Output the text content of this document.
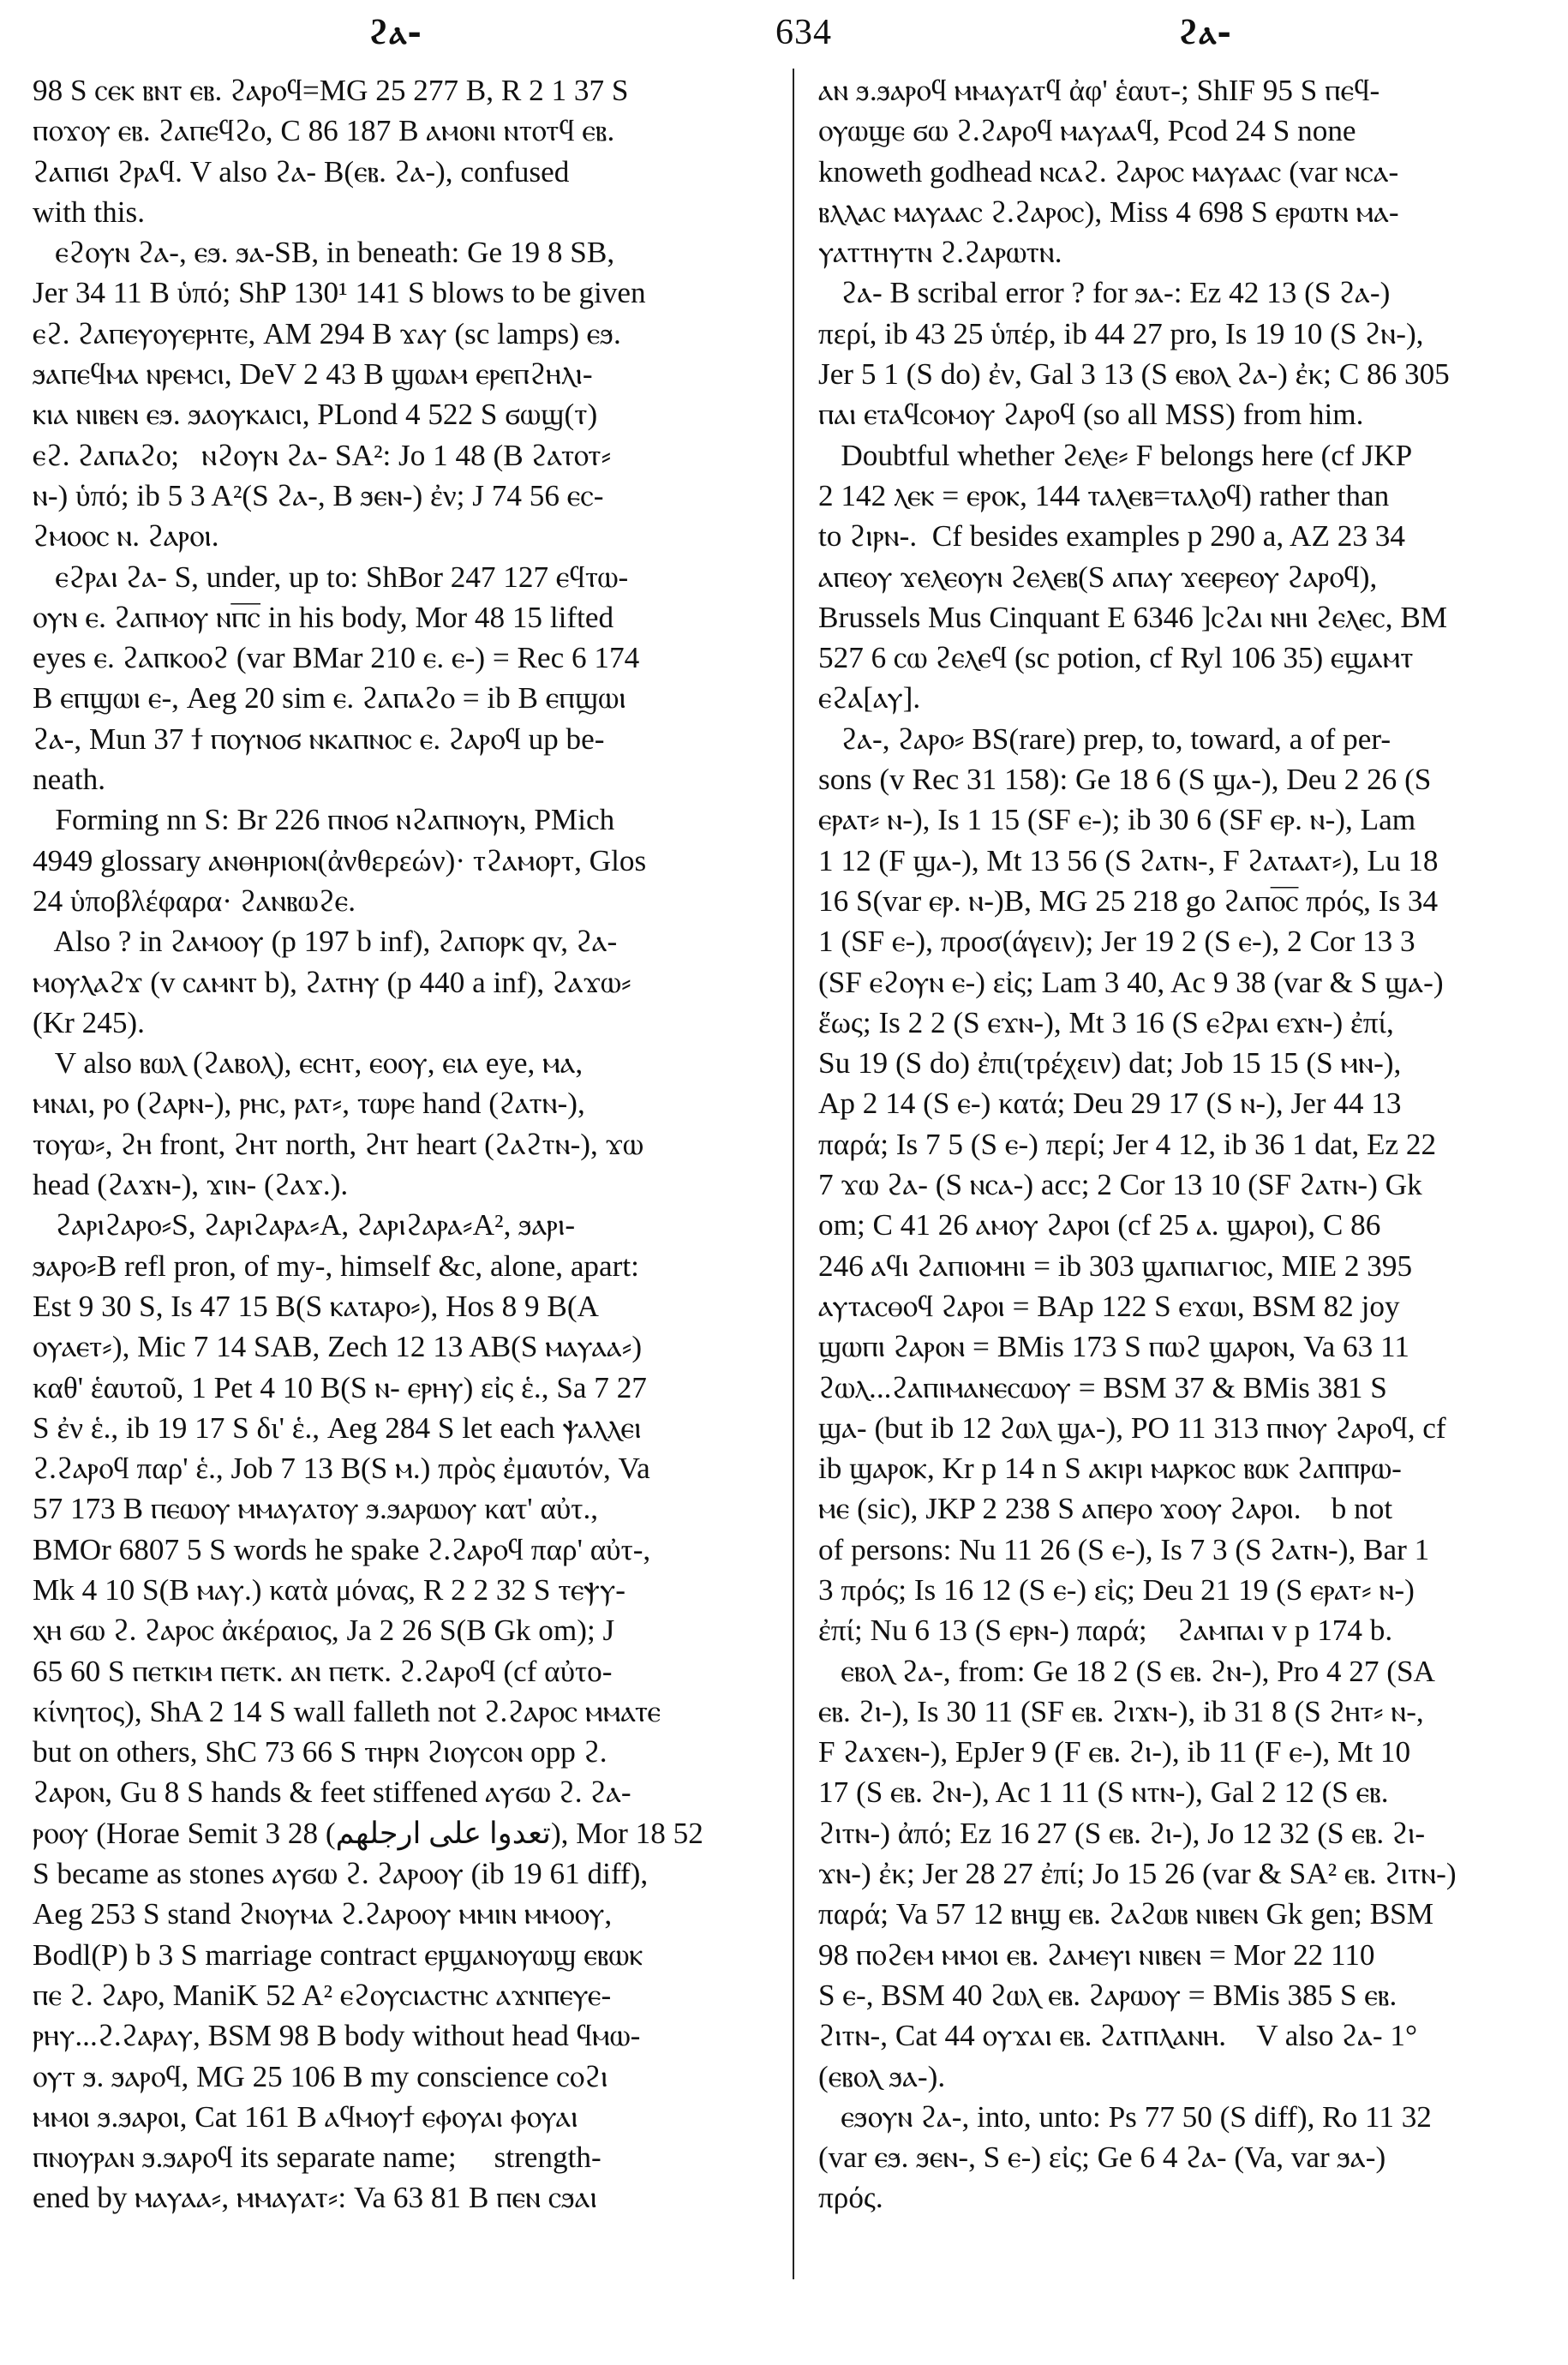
ϩⲁ-	634	ϩⲁ-
98 S ⲥⲉⲕ ⲃⲛⲧ ⲉⲃ. ϩⲁⲣⲟϥ=MG 25 277 B, R 2 1 37 S
ⲡⲟϫⲟⲩ ⲉⲃ. ϩⲁⲡⲉϥϩⲟ, C 86 187 B ⲁⲙⲟⲛⲓ ⲛⲧⲟⲧϥ ⲉⲃ.
ϩⲁⲡⲓϭⲓ ϩⲣⲁϥ. V also ϩⲁ- B(ⲉⲃ. ϩⲁ-), confused
with this.
ⲉϩⲟⲩⲛ ϩⲁ-, ⲉϧ. ϧⲁ-SB, in beneath: Ge 19 8 SB,
Jer 34 11 B ὑπό; ShP 130¹ 141 S blows to be given
ⲉϩ. ϩⲁⲡⲉⲩⲟⲩⲉⲣⲏⲧⲉ, AM 294 B ϫⲁⲩ (sc lamps) ⲉϧ.
ϧⲁⲡⲉϥⲙⲁ ⲛⲣⲉⲙⲥⲓ, DeV 2 43 B ϣⲱⲁⲙ ⲉⲣⲉⲡϩⲏⲗⲓ-
ⲕⲓⲁ ⲛⲓⲃⲉⲛ ⲉϧ. ϧⲁⲟⲩⲕⲁⲓⲥⲓ, PLond 4 522 S ϭⲱϣ(ⲧ)
ⲉϩ. ϩⲁⲡⲁϩⲟ;   ⲛϩⲟⲩⲛ ϩⲁ- SA²: Jo 1 48 (B ϩⲁⲧⲟⲧ⸗
ⲛ-) ὑπό; ib 5 3 A²(S ϩⲁ-, B ϧⲉⲛ-) ἐν; J 74 56 ⲉⲥ-
ϩⲙⲟⲟⲥ ⲛ. ϩⲁⲣⲟⲓ.
ⲉϩⲣⲁⲓ ϩⲁ- S, under, up to: ShBor 247 127 ⲉϥⲧⲱ-
ⲟⲩⲛ ⲉ. ϩⲁⲡⲙⲟⲩ ⲛⲡ̅ⲥ̅ in his body, Mor 48 15 lifted
eyes ⲉ. ϩⲁⲡⲕⲟⲟϩ (var BMar 210 ⲉ. ⲉ-) = Rec 6 174
B ⲉⲡϣⲱⲓ ⲉ-, Aeg 20 sim ⲉ. ϩⲁⲡⲁϩⲟ = ib B ⲉⲡϣⲱⲓ
ϩⲁ-, Mun 37 ϯ ⲡⲟⲩⲛⲟϭ ⲛⲕⲁⲡⲛⲟⲥ ⲉ. ϩⲁⲣⲟϥ up be-
neath.
Forming nn S: Br 226 ⲡⲛⲟϭ ⲛϩⲁⲡⲛⲟⲩⲛ, PMich
4949 glossary ⲁⲛⲑⲏⲣⲓⲟⲛ(ἀνθερεών)· ⲧϩⲁⲙⲟⲣⲧ, Glos
24 ὑποβλέφαρα· ϩⲁⲛⲃⲱϩⲉ.
Also ? in ϩⲁⲙⲟⲟⲩ (p 197 b inf), ϩⲁⲡⲟⲣⲕ qv, ϩⲁ-
ⲙⲟⲩⲗⲁϩϫ (v ⲥⲁⲙⲛⲧ b), ϩⲁⲧⲏⲩ (p 440 a inf), ϩⲁϫⲱ⸗
(Kr 245).
V also ⲃⲱⲗ (ϩⲁⲃⲟⲗ), ⲉⲥⲏⲧ, ⲉⲟⲟⲩ, ⲉⲓⲁ eye, ⲙⲁ,
ⲙⲛⲁⲓ, ⲣⲟ (ϩⲁⲣⲛ-), ⲣⲏⲥ, ⲣⲁⲧ⸗, ⲧⲱⲣⲉ hand (ϩⲁⲧⲛ-),
ⲧⲟⲩⲱ⸗, ϩⲏ front, ϩⲏⲧ north, ϩⲏⲧ heart (ϩⲁϩⲧⲛ-), ϫⲱ
head (ϩⲁϫⲛ-), ϫⲓⲛ- (ϩⲁϫ.).
ϩⲁⲣⲓϩⲁⲣⲟ⸗S, ϩⲁⲣⲓϩⲁⲣⲁ⸗A, ϩⲁⲣⲓϩⲁⲣⲁ⸗A², ϧⲁⲣⲓ-
ϧⲁⲣⲟ⸗B refl pron, of my-, himself &c, alone, apart:
Est 9 30 S, Is 47 15 B(S ⲕⲁⲧⲁⲣⲟ⸗), Hos 8 9 B(A
ⲟⲩⲁⲉⲧ⸗), Mic 7 14 SAB, Zech 12 13 AB(S ⲙⲁⲩⲁⲁ⸗)
καθ' ἑαυτοῦ, 1 Pet 4 10 B(S ⲛ- ⲉⲣⲏⲩ) εἰς ἑ., Sa 7 27
S ἐν ἑ., ib 19 17 S δι' ἑ., Aeg 284 S let each ⲯⲁⲗⲗⲉⲓ
ϩ.ϩⲁⲣⲟϥ παρ' ἑ., Job 7 13 B(S ⲙ.) πρὸς ἐμαυτόν, Va
57 173 B ⲡⲉⲱⲟⲩ ⲙⲙⲁⲩⲁⲧⲟⲩ ϧ.ϧⲁⲣⲱⲟⲩ κατ' αὐτ.,
BMOr 6807 5 S words he spake ϩ.ϩⲁⲣⲟϥ παρ' αὐτ-,
Mk 4 10 S(B ⲙⲁⲩ.) κατὰ μόνας, R 2 2 32 S ⲧⲉⲯⲩ-
ⲭⲏ ϭⲱ ϩ. ϩⲁⲣⲟⲥ ἀκέραιος, Ja 2 26 S(B Gk om); J
65 60 S ⲡⲉⲧⲕⲓⲙ ⲡⲉⲧⲕ. ⲁⲛ ⲡⲉⲧⲕ. ϩ.ϩⲁⲣⲟϥ (cf αὐτο-
κίνητος), ShA 2 14 S wall falleth not ϩ.ϩⲁⲣⲟⲥ ⲙⲙⲁⲧⲉ
but on others, ShC 73 66 S ⲧⲏⲣⲛ ϩⲓⲟⲩⲥⲟⲛ opp ϩ.
ϩⲁⲣⲟⲛ, Gu 8 S hands & feet stiffened ⲁⲩϭⲱ ϩ. ϩⲁ-
ⲣⲟⲟⲩ (Horae Semit 3 28 (تعدوا على ارجلهم), Mor 18 52
S became as stones ⲁⲩϭⲱ ϩ. ϩⲁⲣⲟⲟⲩ (ib 19 61 diff),
Aeg 253 S stand ϩⲛⲟⲩⲙⲁ ϩ.ϩⲁⲣⲟⲟⲩ ⲙⲙⲓⲛ ⲙⲙⲟⲟⲩ,
Bodl(P) b 3 S marriage contract ⲉⲣϣⲁⲛⲟⲩⲱϣ ⲉⲃⲱⲕ
ⲡⲉ ϩ. ϩⲁⲣⲟ, ManiK 52 A² ⲉϩⲟⲩⲥⲓⲁⲥⲧⲏⲥ ⲁϫⲛⲡⲉⲩⲉ-
ⲣⲏⲩ...ϩ.ϩⲁⲣⲁⲩ, BSM 98 B body without head ϥⲙⲱ-
ⲟⲩⲧ ϧ. ϧⲁⲣⲟϥ, MG 25 106 B my conscience ⲥⲟϩⲓ
ⲙⲙⲟⲓ ϧ.ϧⲁⲣⲟⲓ, Cat 161 B ⲁϥⲙⲟⲩϯ ⲉⲫⲟⲩⲁⲓ ⲫⲟⲩⲁⲓ
ⲡⲛⲟⲩⲣⲁⲛ ϧ.ϧⲁⲣⲟϥ its separate name;     strength-
ened by ⲙⲁⲩⲁⲁ⸗, ⲙⲙⲁⲩⲁⲧ⸗: Va 63 81 B ⲡⲉⲛ ⲥϧⲁⲓ
ⲁⲛ ϧ.ϧⲁⲣⲟϥ ⲙⲙⲁⲩⲁⲧϥ ἀφ' ἑαυτ-; ShIF 95 S ⲡⲉϥ-
ⲟⲩⲱϣⲉ ϭⲱ ϩ.ϩⲁⲣⲟϥ ⲙⲁⲩⲁⲁϥ, Pcod 24 S none
knoweth godhead ⲛⲥⲁϩ. ϩⲁⲣⲟⲥ ⲙⲁⲩⲁⲁⲥ (var ⲛⲥⲁ-
ⲃⲗⲗⲁⲥ ⲙⲁⲩⲁⲁⲥ ϩ.ϩⲁⲣⲟⲥ), Miss 4 698 S ⲉⲣⲱⲧⲛ ⲙⲁ-
ⲩⲁⲧⲧⲏⲩⲧⲛ ϩ.ϩⲁⲣⲱⲧⲛ.
ϩⲁ- B scribal error ? for ϧⲁ-: Ez 42 13 (S ϩⲁ-)
περί, ib 43 25 ὑπέρ, ib 44 27 pro, Is 19 10 (S ϩⲛ-),
Jer 5 1 (S do) ἐν, Gal 3 13 (S ⲉⲃⲟⲗ ϩⲁ-) ἐκ; C 86 305
ⲡⲁⲓ ⲉⲧⲁϥⲥⲟⲙⲟⲩ ϩⲁⲣⲟϥ (so all MSS) from him.
Doubtful whether ϩⲉⲗⲉ⸗ F belongs here (cf JKP
2 142 ⲗⲉⲕ = ⲉⲣⲟⲕ, 144 ⲧⲁⲗⲉⲃ=ⲧⲁⲗⲟϥ) rather than
to ϩⲓⲣⲛ-.  Cf besides examples p 290 a, AZ 23 34
ⲁⲡⲉⲟⲩ ϫⲉⲗⲉⲟⲩⲛ ϩⲉⲗⲉⲃ(S ⲁⲡⲁⲩ ϫⲉⲉⲣⲉⲟⲩ ϩⲁⲣⲟϥ),
Brussels Mus Cinquant E 6346 ]ⲥϩⲁⲓ ⲛⲏⲓ ϩⲉⲗⲉⲥ, BM
527 6 ⲥⲱ ϩⲉⲗⲉϥ (sc potion, cf Ryl 106 35) ⲉϣⲁⲙⲧ
ⲉϩⲁ[ⲁⲩ].
ϩⲁ-, ϩⲁⲣⲟ⸗ BS(rare) prep, to, toward, a of per-
sons (v Rec 31 158): Ge 18 6 (S ϣⲁ-), Deu 2 26 (S
ⲉⲣⲁⲧ⸗ ⲛ-), Is 1 15 (SF ⲉ-); ib 30 6 (SF ⲉⲣ. ⲛ-), Lam
1 12 (F ϣⲁ-), Mt 13 56 (S ϩⲁⲧⲛ-, F ϩⲁⲧⲁⲁⲧ⸗), Lu 18
16 S(var ⲉⲣ. ⲛ-)B, MG 25 218 go ϩⲁⲡⲟ̅ⲥ̅ πρός, Is 34
1 (SF ⲉ-), προσ(άγειν); Jer 19 2 (S ⲉ-), 2 Cor 13 3
(SF ⲉϩⲟⲩⲛ ⲉ-) εἰς; Lam 3 40, Ac 9 38 (var & S ϣⲁ-)
ἕως; Is 2 2 (S ⲉϫⲛ-), Mt 3 16 (S ⲉϩⲣⲁⲓ ⲉϫⲛ-) ἐπί,
Su 19 (S do) ἐπι(τρέχειν) dat; Job 15 15 (S ⲙⲛ-),
Ap 2 14 (S ⲉ-) κατά; Deu 29 17 (S ⲛ-), Jer 44 13
παρά; Is 7 5 (S ⲉ-) περί; Jer 4 12, ib 36 1 dat, Ez 22
7 ϫⲱ ϩⲁ- (S ⲛⲥⲁ-) acc; 2 Cor 13 10 (SF ϩⲁⲧⲛ-) Gk
om; C 41 26 ⲁⲙⲟⲩ ϩⲁⲣⲟⲓ (cf 25 ⲁ. ϣⲁⲣⲟⲓ), C 86
246 ⲁϥⲓ ϩⲁⲡⲓⲟⲙⲏⲓ = ib 303 ϣⲁⲡⲓⲁⲅⲓⲟⲥ, MIE 2 395
ⲁⲩⲧⲁⲥⲑⲟϥ ϩⲁⲣⲟⲓ = BAp 122 S ⲉϫⲱⲓ, BSM 82 joy
ϣⲱⲡⲓ ϩⲁⲣⲟⲛ = BMis 173 S ⲡⲱϩ ϣⲁⲣⲟⲛ, Va 63 11
ϩⲱⲗ...ϩⲁⲡⲓⲙⲁⲛⲉⲥⲱⲟⲩ = BSM 37 & BMis 381 S
ϣⲁ- (but ib 12 ϩⲱⲗ ϣⲁ-), PO 11 313 ⲡⲛⲟⲩ ϩⲁⲣⲟϥ, cf
ib ϣⲁⲣⲟⲕ, Kr p 14 n S ⲁⲕⲓⲣⲓ ⲙⲁⲣⲕⲟⲥ ⲃⲱⲕ ϩⲁⲡⲡⲣⲱ-
ⲙⲉ (sic), JKP 2 238 S ⲁⲡⲉⲣⲟ ϫⲟⲟⲩ ϩⲁⲣⲟⲓ.    b not
of persons: Nu 11 26 (S ⲉ-), Is 7 3 (S ϩⲁⲧⲛ-), Bar 1
3 πρός; Is 16 12 (S ⲉ-) εἰς; Deu 21 19 (S ⲉⲣⲁⲧ⸗ ⲛ-)
ἐπί; Nu 6 13 (S ⲉⲣⲛ-) παρά;    ϩⲁⲙⲡⲁⲓ v p 174 b.
ⲉⲃⲟⲗ ϩⲁ-, from: Ge 18 2 (S ⲉⲃ. ϩⲛ-), Pro 4 27 (SA
ⲉⲃ. ϩⲓ-), Is 30 11 (SF ⲉⲃ. ϩⲓϫⲛ-), ib 31 8 (S ϩⲏⲧ⸗ ⲛ-,
F ϩⲁϫⲉⲛ-), EpJer 9 (F ⲉⲃ. ϩⲓ-), ib 11 (F ⲉ-), Mt 10
17 (S ⲉⲃ. ϩⲛ-), Ac 1 11 (S ⲛⲧⲛ-), Gal 2 12 (S ⲉⲃ.
ϩⲓⲧⲛ-) ἀπό; Ez 16 27 (S ⲉⲃ. ϩⲓ-), Jo 12 32 (S ⲉⲃ. ϩⲓ-
ϫⲛ-) ἐκ; Jer 28 27 ἐπί; Jo 15 26 (var & SA² ⲉⲃ. ϩⲓⲧⲛ-)
παρά; Va 57 12 ⲃⲏϣ ⲉⲃ. ϩⲁϩⲱⲃ ⲛⲓⲃⲉⲛ Gk gen; BSM
98 ⲡⲟϩⲉⲙ ⲙⲙⲟⲓ ⲉⲃ. ϩⲁⲙⲉⲩⲓ ⲛⲓⲃⲉⲛ = Mor 22 110
S ⲉ-, BSM 40 ϩⲱⲗ ⲉⲃ. ϩⲁⲣⲱⲟⲩ = BMis 385 S ⲉⲃ.
ϩⲓⲧⲛ-, Cat 44 ⲟⲩϫⲁⲓ ⲉⲃ. ϩⲁⲧⲡⲗⲁⲛⲏ.    V also ϩⲁ- 1°
(ⲉⲃⲟⲗ ϧⲁ-).
ⲉϧⲟⲩⲛ ϩⲁ-, into, unto: Ps 77 50 (S diff), Ro 11 32
(var ⲉϧ. ϧⲉⲛ-, S ⲉ-) εἰς; Ge 6 4 ϩⲁ- (Va, var ϧⲁ-)
πρός.
